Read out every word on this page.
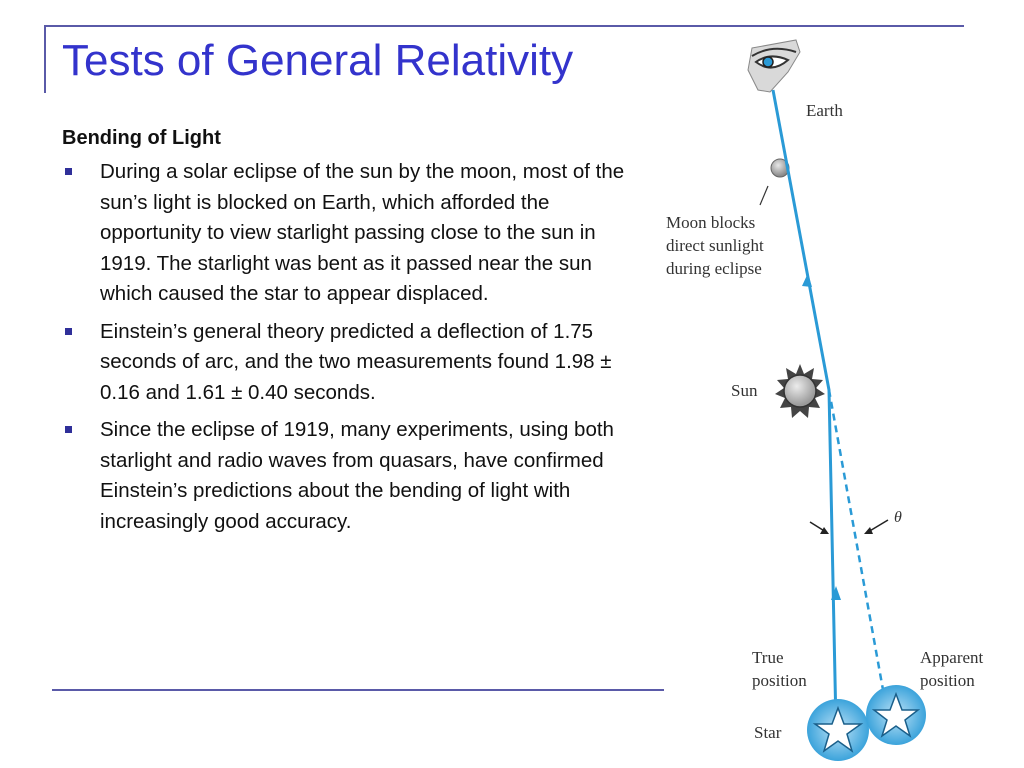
Tests of General Relativity
Bending of Light
During a solar eclipse of the sun by the moon, most of the sun’s light is blocked on Earth, which afforded the opportunity to view starlight passing close to the sun in 1919. The starlight was bent as it passed near the sun which caused the star to appear displaced.
Einstein’s general theory predicted a deflection of 1.75 seconds of arc, and the two measurements found 1.98 ± 0.16 and 1.61 ± 0.40 seconds.
Since the eclipse of 1919, many experiments, using both starlight and radio waves from quasars, have confirmed Einstein’s predictions about the bending of light with increasingly good accuracy.
Earth
Moon blocks direct sunlight during eclipse
Sun
θ
True position
Apparent position
Star
